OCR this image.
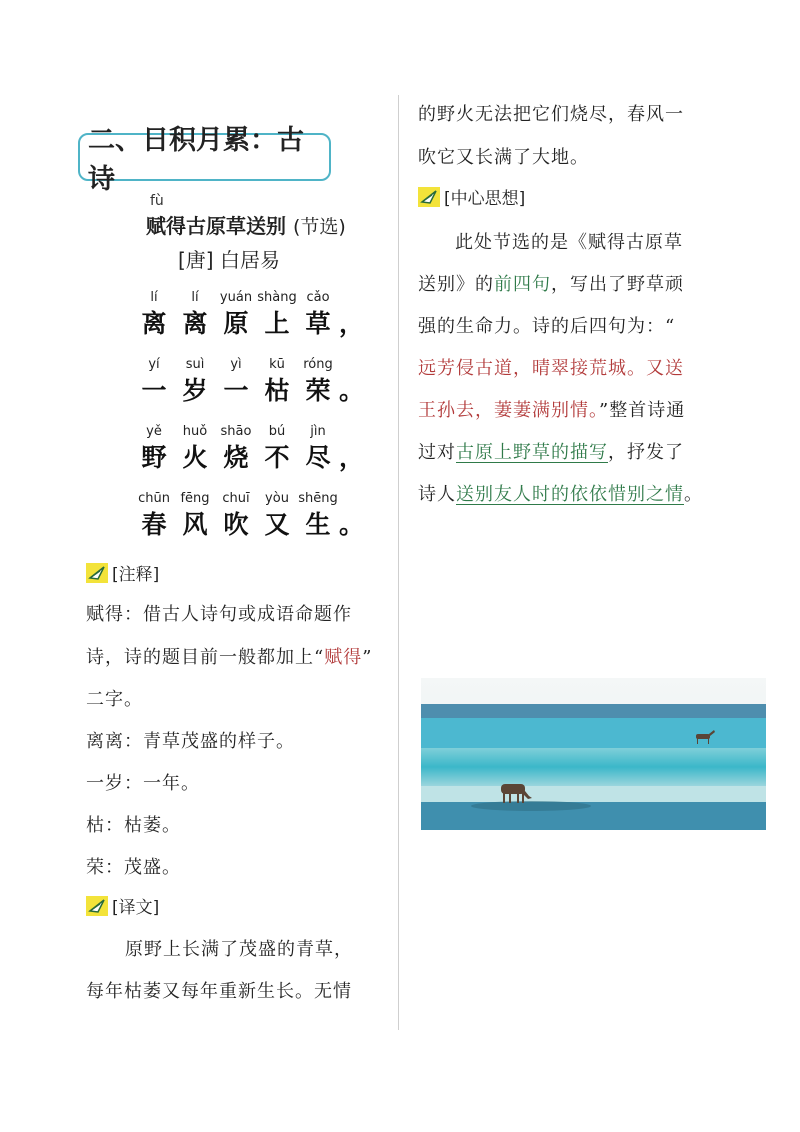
二、日积月累：古诗
fù
赋得古原草送别 (节选)
[唐] 白居易
lí
离
lí
离
yuán
原
shàng
上
cǎo
草 ，
yí
一
suì
岁
yì
一
kū
枯
róng
荣 。
yě
野
huǒ
火
shāo
烧
bú
不
jìn
尽 ，
chūn
春
fēng
风
chuī
吹
yòu
又
shēng
生 。
[注释]
赋得：借古人诗句或成语命题作
诗，诗的题目前一般都加上“赋得”
二字。
离离：青草茂盛的样子。
一岁：一年。
枯：枯萎。
荣：茂盛。
[译文]
原野上长满了茂盛的青草，
每年枯萎又每年重新生长。无情
的野火无法把它们烧尽，春风一
吹它又长满了大地。
[中心思想]
此处节选的是《赋得古原草
送别》的前四句，写出了野草顽
强的生命力。诗的后四句为：“
远芳侵古道，晴翠接荒城。又送
王孙去，萋萋满别情。”整首诗通
过对古原上野草的描写，抒发了
诗人送别友人时的依依惜别之情。
